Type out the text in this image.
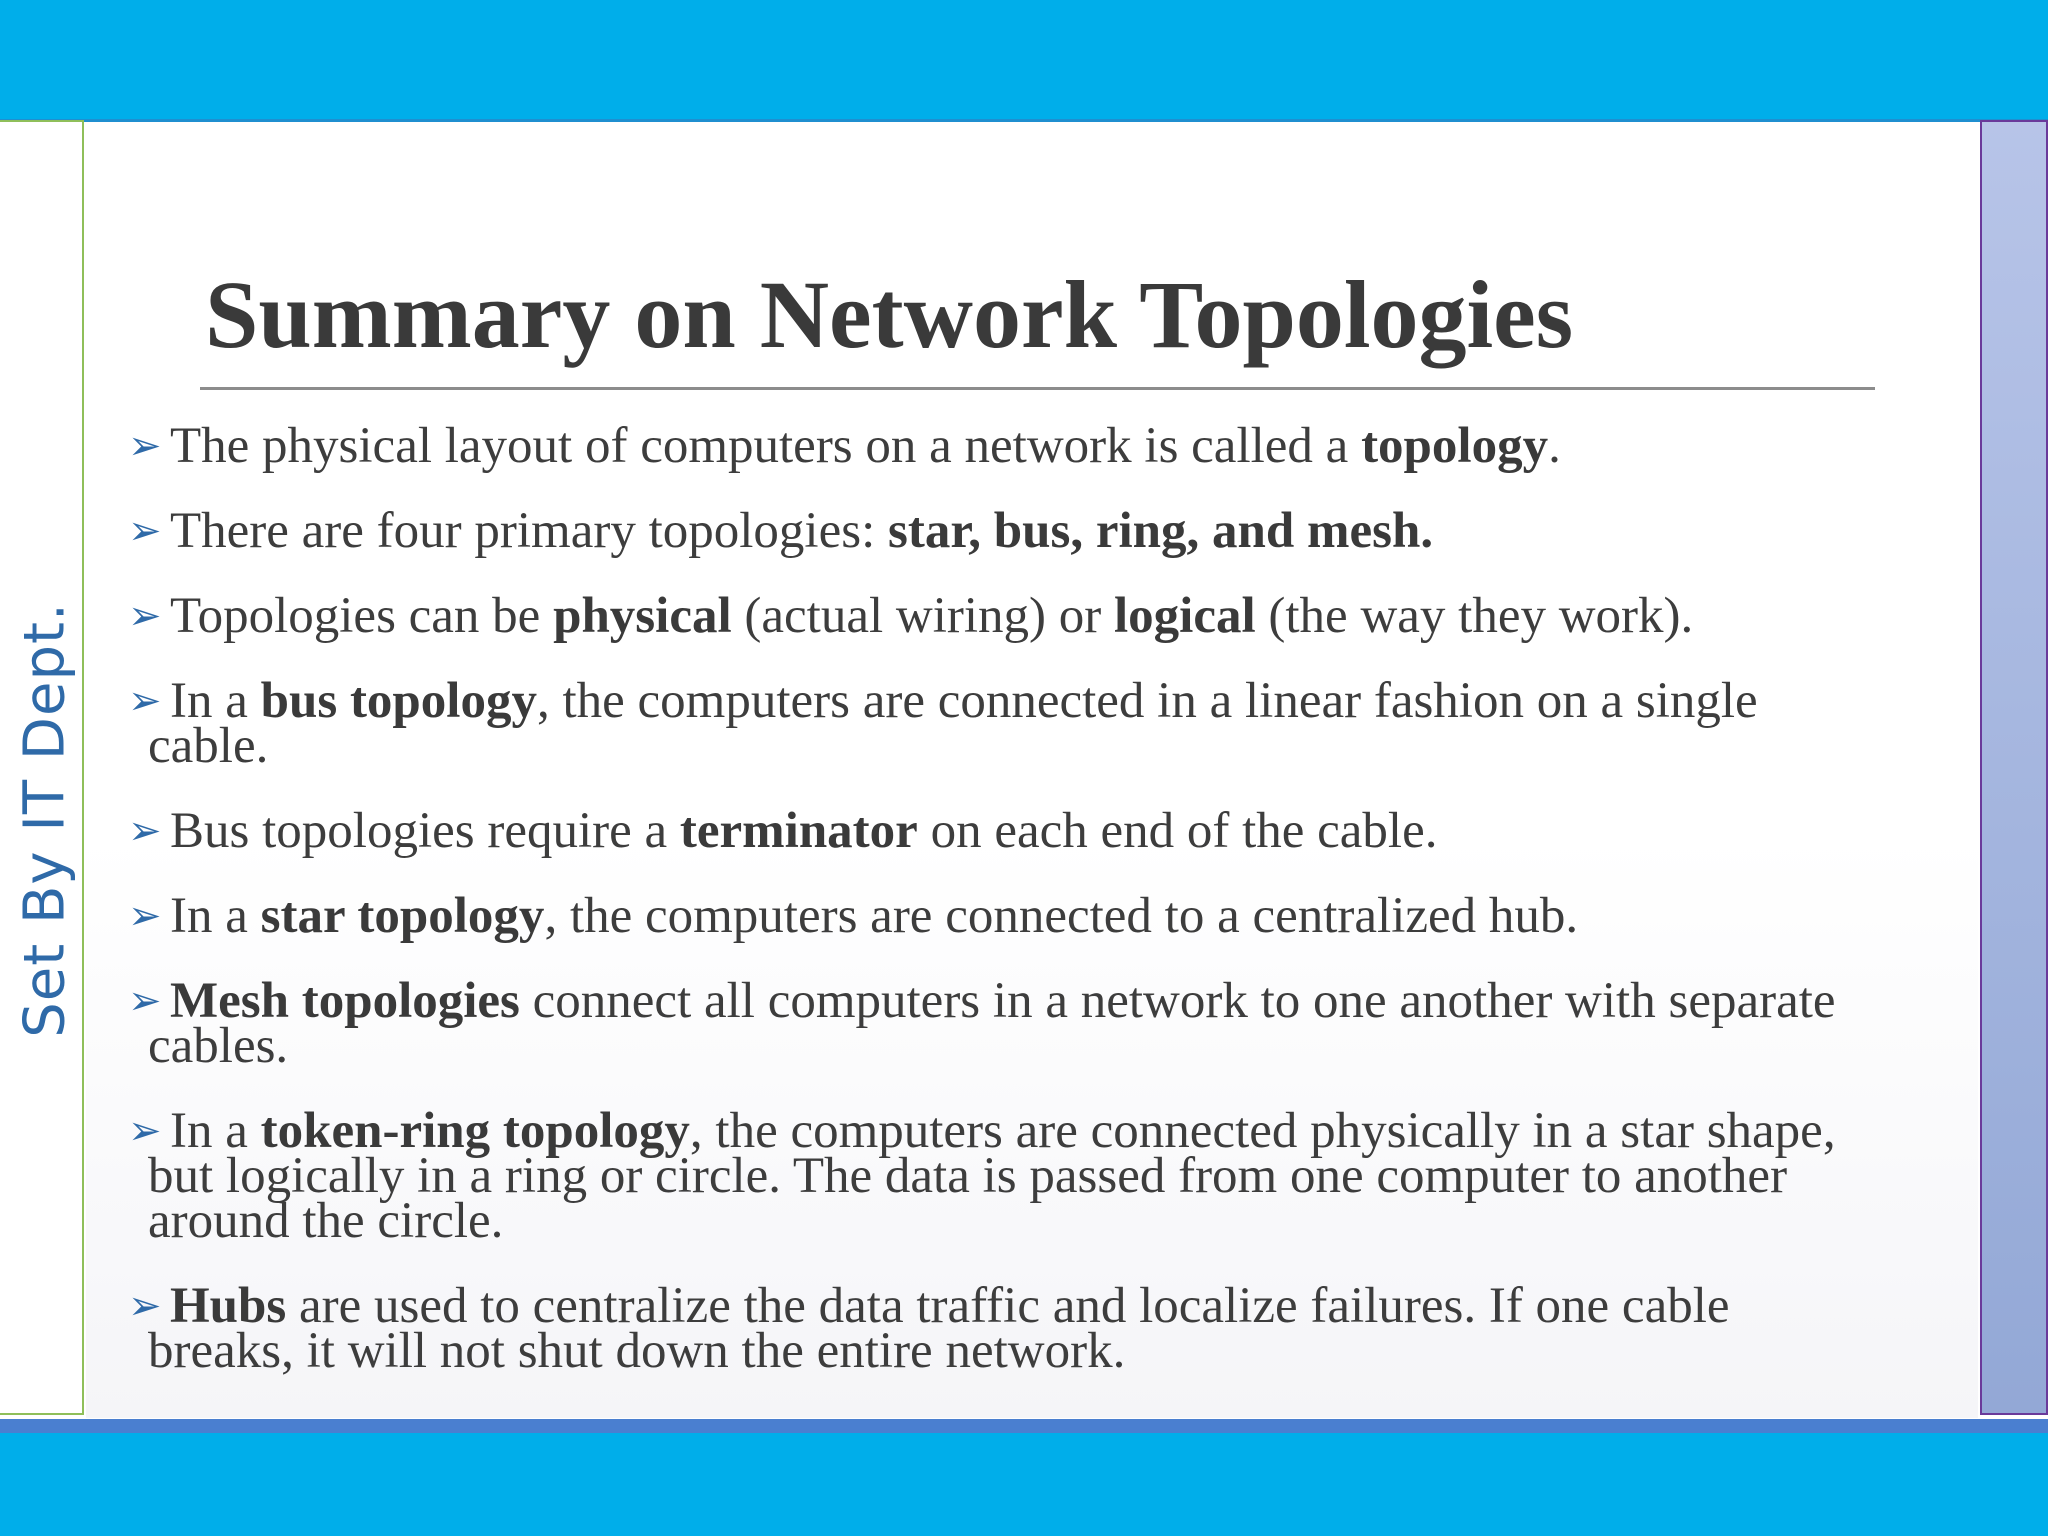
Set By IT Dept.
Summary on Network Topologies
➢ The physical layout of computers on a network is called a topology.
➢ There are four primary topologies: star, bus, ring, and mesh.
➢ Topologies can be physical (actual wiring) or logical (the way they work).
➢ In a bus topology, the computers are connected in a linear fashion on a single
cable.
➢ Bus topologies require a terminator on each end of the cable.
➢ In a star topology, the computers are connected to a centralized hub.
➢ Mesh topologies connect all computers in a network to one another with separate
cables.
➢ In a token-ring topology, the computers are connected physically in a star shape,
but logically in a ring or circle. The data is passed from one computer to another
around the circle.
➢ Hubs are used to centralize the data traffic and localize failures. If one cable
breaks, it will not shut down the entire network.
